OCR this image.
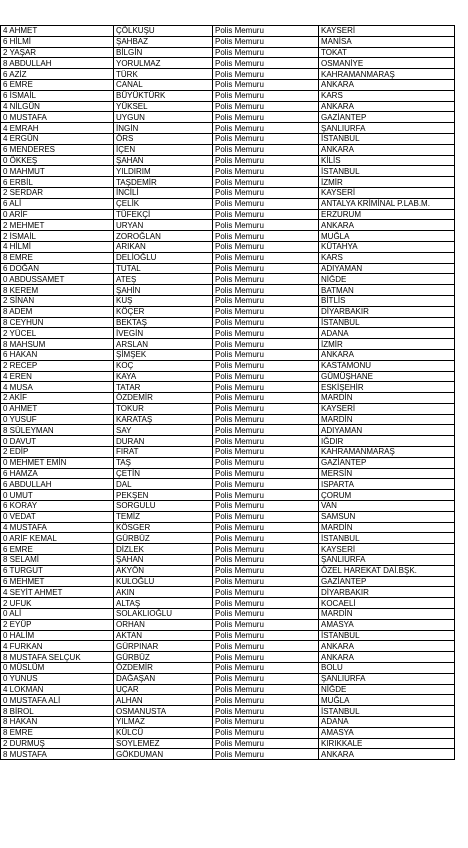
4 AHMET	ÇÖLKUŞU	Polis Memuru	KAYSERİ
6 HİLMİ	ŞAHBAZ	Polis Memuru	MANİSA
2 YAŞAR	BİLGİN	Polis Memuru	TOKAT
8 ABDULLAH	YORULMAZ	Polis Memuru	OSMANİYE
6 AZİZ	TÜRK	Polis Memuru	KAHRAMANMARAŞ
6 EMRE	CANAL	Polis Memuru	ANKARA
6 İSMAİL	BÜYÜKTÜRK	Polis Memuru	KARS
4 NİLGÜN	YÜKSEL	Polis Memuru	ANKARA
0 MUSTAFA	UYGUN	Polis Memuru	GAZİANTEP
4 EMRAH	İNGİN	Polis Memuru	ŞANLIURFA
4 ERGÜN	ÖRS	Polis Memuru	İSTANBUL
6 MENDERES	İÇEN	Polis Memuru	ANKARA
0 ÖKKEŞ	ŞAHAN	Polis Memuru	KİLİS
0 MAHMUT	YILDIRIM	Polis Memuru	İSTANBUL
6 ERBİL	TAŞDEMİR	Polis Memuru	İZMİR
2 SERDAR	İNCİLİ	Polis Memuru	KAYSERİ
6 ALİ	ÇELİK	Polis Memuru	ANTALYA KRİMİNAL P.LAB.M.
0 ARİF	TÜFEKÇİ	Polis Memuru	ERZURUM
2 MEHMET	URYAN	Polis Memuru	ANKARA
2 İSMAİL	ZOROĞLAN	Polis Memuru	MUĞLA
4 HİLMİ	ARIKAN	Polis Memuru	KÜTAHYA
8 EMRE	DELİOĞLU	Polis Memuru	KARS
6 DOĞAN	TUTAL	Polis Memuru	ADIYAMAN
0 ABDUSSAMET	ATEŞ	Polis Memuru	NİĞDE
8 KEREM	ŞAHİN	Polis Memuru	BATMAN
2 SİNAN	KUŞ	Polis Memuru	BİTLİS
8 ADEM	KÖÇER	Polis Memuru	DİYARBAKIR
8 CEYHUN	BEKTAŞ	Polis Memuru	İSTANBUL
2 YÜCEL	İVEGİN	Polis Memuru	ADANA
8 MAHSUM	ARSLAN	Polis Memuru	İZMİR
6 HAKAN	ŞİMŞEK	Polis Memuru	ANKARA
2 RECEP	KOÇ	Polis Memuru	KASTAMONU
4 EREN	KAYA	Polis Memuru	GÜMÜŞHANE
4 MUSA	TATAR	Polis Memuru	ESKİŞEHİR
2 AKİF	ÖZDEMİR	Polis Memuru	MARDİN
0 AHMET	TOKUR	Polis Memuru	KAYSERİ
0 YUSUF	KARATAŞ	Polis Memuru	MARDİN
8 SÜLEYMAN	SAY	Polis Memuru	ADIYAMAN
0 DAVUT	DURAN	Polis Memuru	IĞDIR
2 EDİP	FIRAT	Polis Memuru	KAHRAMANMARAŞ
0 MEHMET EMİN	TAŞ	Polis Memuru	GAZİANTEP
6 HAMZA	ÇETİN	Polis Memuru	MERSİN
6 ABDULLAH	DAL	Polis Memuru	ISPARTA
0 UMUT	PEKŞEN	Polis Memuru	ÇORUM
6 KORAY	SORGULU	Polis Memuru	VAN
0 VEDAT	TEMİZ	Polis Memuru	SAMSUN
4 MUSTAFA	KÖSGER	Polis Memuru	MARDİN
0 ARİF KEMAL	GÜRBÜZ	Polis Memuru	İSTANBUL
6 EMRE	DİZLEK	Polis Memuru	KAYSERİ
8 SELAMİ	ŞAHAN	Polis Memuru	ŞANLIURFA
6 TURGUT	AKYÖN	Polis Memuru	ÖZEL HAREKAT DAİ.BŞK.
6 MEHMET	KULOĞLU	Polis Memuru	GAZİANTEP
4 SEYİT AHMET	AKIN	Polis Memuru	DİYARBAKIR
2 UFUK	ALTAŞ	Polis Memuru	KOCAELİ
0 ALİ	SOLAKLIOĞLU	Polis Memuru	MARDİN
2 EYÜP	ORHAN	Polis Memuru	AMASYA
0 HALİM	AKTAN	Polis Memuru	İSTANBUL
4 FURKAN	GÜRPINAR	Polis Memuru	ANKARA
8 MUSTAFA SELÇUK	GÜRBÜZ	Polis Memuru	ANKARA
0 MÜSLÜM	ÖZDEMİR	Polis Memuru	BOLU
0 YUNUS	DAĞAŞAN	Polis Memuru	ŞANLIURFA
4 LOKMAN	UÇAR	Polis Memuru	NİĞDE
0 MUSTAFA ALİ	ALHAN	Polis Memuru	MUĞLA
8 BİROL	OSMANUSTA	Polis Memuru	İSTANBUL
8 HAKAN	YILMAZ	Polis Memuru	ADANA
8 EMRE	KÜLCÜ	Polis Memuru	AMASYA
2 DURMUŞ	SOYLEMEZ	Polis Memuru	KIRIKKALE
8 MUSTAFA	GÖKDUMAN	Polis Memuru	ANKARA
